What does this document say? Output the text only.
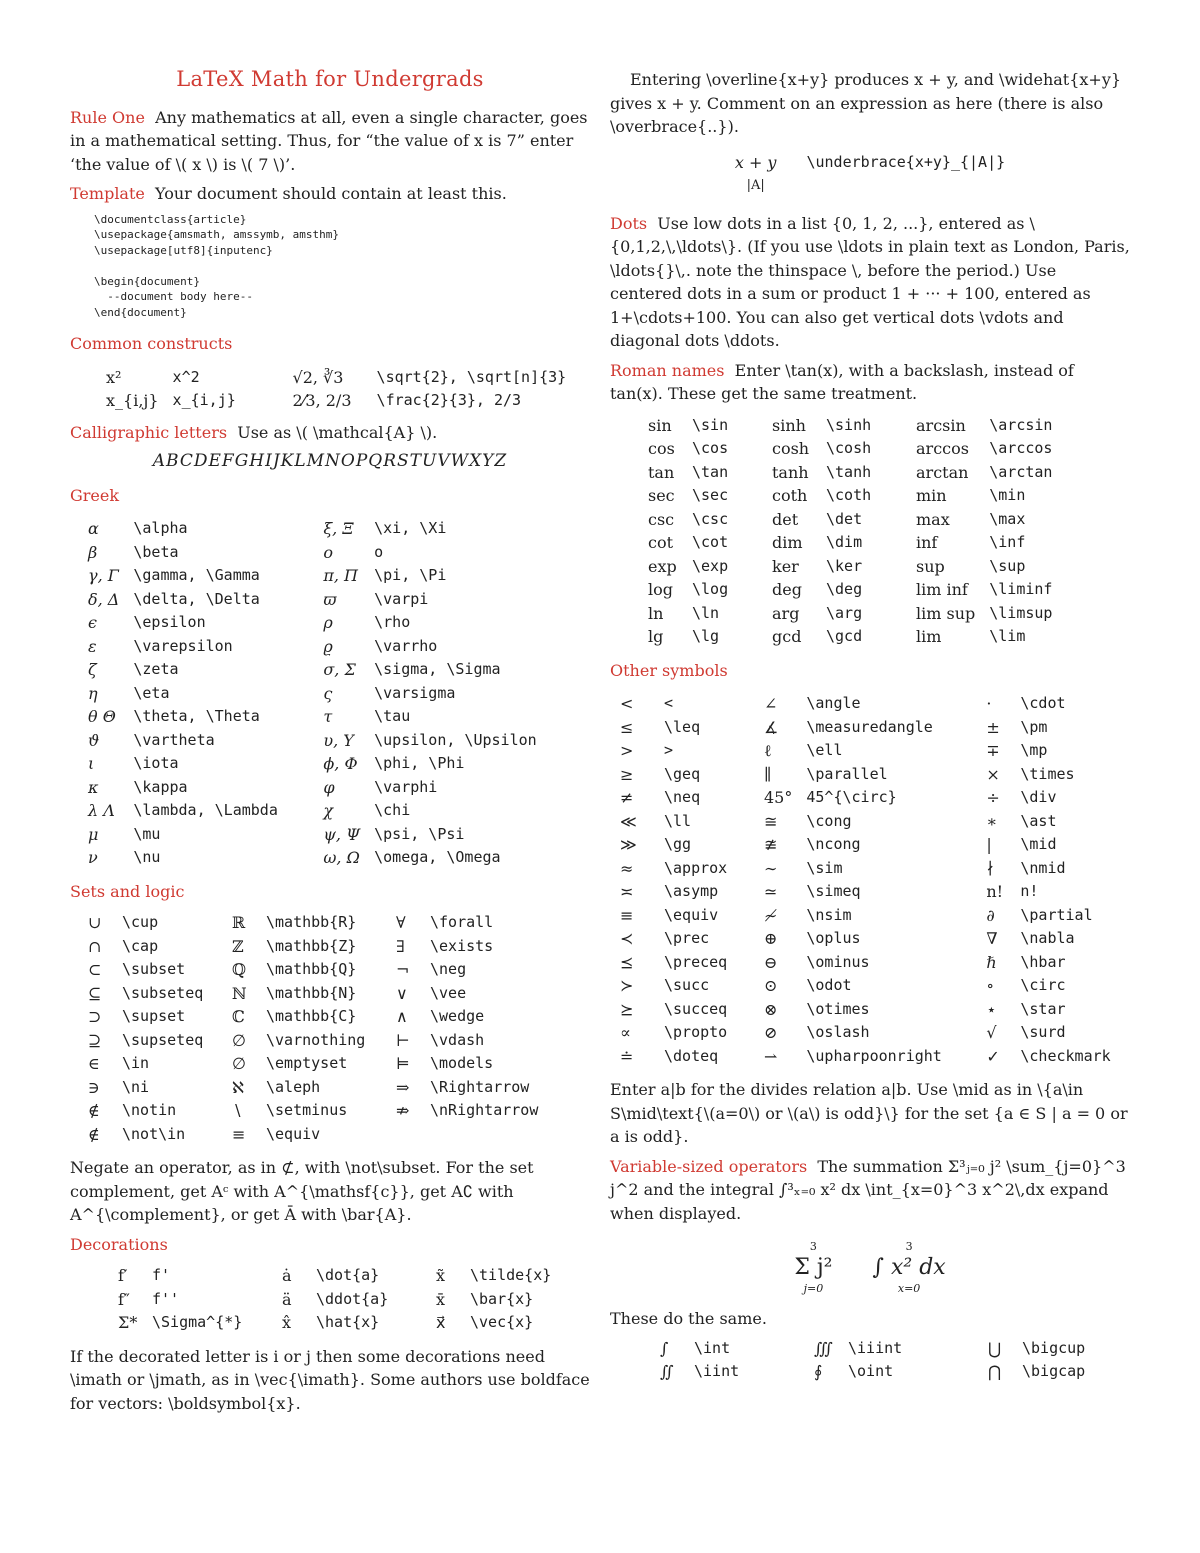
LaTeX Math for Undergrads

Rule One Any mathematics at all, even a single character, goes in a mathematical setting. Thus, for “the value of x is 7” enter ‘the value of \( x \) is \( 7 \)’.

Template Your document should contain at least this.

\documentclass{article}
\usepackage{amsmath, amssymb, amsthm}
\usepackage[utf8]{inputenc}

\begin{document}
--document body here--
\end{document}
Common constructs
x²	x^2	√2, ∛3	\sqrt{2}, \sqrt[n]{3}
x_{i,j}	x_{i,j}	2⁄3, 2/3	\frac{2}{3}, 2/3

Calligraphic letters Use as \( \mathcal{A} \).

ABCDEFGHIJKLMNOPQRSTUVWXYZ
Greek
α	\alpha	ξ, Ξ	\xi, \Xi
β	\beta	o	o
γ, Γ	\gamma, \Gamma	π, Π	\pi, \Pi
δ, Δ	\delta, \Delta	ϖ	\varpi
ϵ	\epsilon	ρ	\rho
ε	\varepsilon	ϱ	\varrho
ζ	\zeta	σ, Σ	\sigma, \Sigma
η	\eta	ς	\varsigma
θ Θ	\theta, \Theta	τ	\tau
ϑ	\vartheta	υ, Υ	\upsilon, \Upsilon
ι	\iota	ϕ, Φ	\phi, \Phi
κ	\kappa	φ	\varphi
λ Λ	\lambda, \Lambda	χ	\chi
μ	\mu	ψ, Ψ	\psi, \Psi
ν	\nu	ω, Ω	\omega, \Omega
Sets and logic
∪	\cup	ℝ	\mathbb{R}	∀	\forall
∩	\cap	ℤ	\mathbb{Z}	∃	\exists
⊂	\subset	ℚ	\mathbb{Q}	¬	\neg
⊆	\subseteq	ℕ	\mathbb{N}	∨	\vee
⊃	\supset	ℂ	\mathbb{C}	∧	\wedge
⊇	\supseteq	∅	\varnothing	⊢	\vdash
∈	\in	∅	\emptyset	⊨	\models
∋	\ni	ℵ	\aleph	⇒	\Rightarrow
∉	\notin	∖	\setminus	⇏	\nRightarrow
∉	\not\in	≡	\equiv		

Negate an operator, as in ⊄, with \not\subset. For the set complement, get Aᶜ with A^{\mathsf{c}}, get A∁ with A^{\complement}, or get Ā with \bar{A}.

Decorations
f′	f'	ȧ	\dot{a}	x̃	\tilde{x}
f″	f''	ä	\ddot{a}	x̄	\bar{x}
Σ*	\Sigma^{*}	x̂	\hat{x}	x⃗	\vec{x}

If the decorated letter is i or j then some decorations need \imath or \jmath, as in \vec{\imath}. Some authors use boldface for vectors: \boldsymbol{x}.

Entering \overline{x+y} produces x + y, and \widehat{x+y} gives x + y. Comment on an expression as here (there is also \overbrace{..}).

x + y
|A|
\underbrace{x+y}_{|A|}

Dots Use low dots in a list {0, 1, 2, ...}, entered as \{0,1,2,\,\ldots\}. (If you use \ldots in plain text as London, Paris, \ldots{}\,. note the thinspace \, before the period.) Use centered dots in a sum or product 1 + ··· + 100, entered as 1+\cdots+100. You can also get vertical dots \vdots and diagonal dots \ddots.

Roman names Enter \tan(x), with a backslash, instead of tan(x). These get the same treatment.

sin	\sin	sinh	\sinh	arcsin	\arcsin
cos	\cos	cosh	\cosh	arccos	\arccos
tan	\tan	tanh	\tanh	arctan	\arctan
sec	\sec	coth	\coth	min	\min
csc	\csc	det	\det	max	\max
cot	\cot	dim	\dim	inf	\inf
exp	\exp	ker	\ker	sup	\sup
log	\log	deg	\deg	lim inf	\liminf
ln	\ln	arg	\arg	lim sup	\limsup
lg	\lg	gcd	\gcd	lim	\lim
Other symbols
<	<	∠	\angle	·	\cdot
≤	\leq	∡	\measuredangle	±	\pm
>	>	ℓ	\ell	∓	\mp
≥	\geq	∥	\parallel	×	\times
≠	\neq	45°	45^{\circ}	÷	\div
≪	\ll	≅	\cong	∗	\ast
≫	\gg	≇	\ncong	|	\mid
≈	\approx	∼	\sim	∤	\nmid
≍	\asymp	≃	\simeq	n!	n!
≡	\equiv	≁	\nsim	∂	\partial
≺	\prec	⊕	\oplus	∇	\nabla
⪯	\preceq	⊖	\ominus	ℏ	\hbar
≻	\succ	⊙	\odot	∘	\circ
⪰	\succeq	⊗	\otimes	⋆	\star
∝	\propto	⊘	\oslash	√	\surd
≐	\doteq	⇀	\upharpoonright	✓	\checkmark

Enter a|b for the divides relation a|b. Use \mid as in \{a\in S\mid\text{\(a=0\) or \(a\) is odd}\} for the set {a ∈ S | a = 0 or a is odd}.

Variable-sized operators The summation Σ³ⱼ₌₀ j² \sum_{j=0}^3 j^2 and the integral ∫³ₓ₌₀ x² dx \int_{x=0}^3 x^2\,dx expand when displayed.

3
Σ j²
j=0
3
∫ x² dx
x=0

These do the same.

∫	\int	∭	\iiint	⋃	\bigcup
∬	\iint	∮	\oint	⋂	\bigcap
